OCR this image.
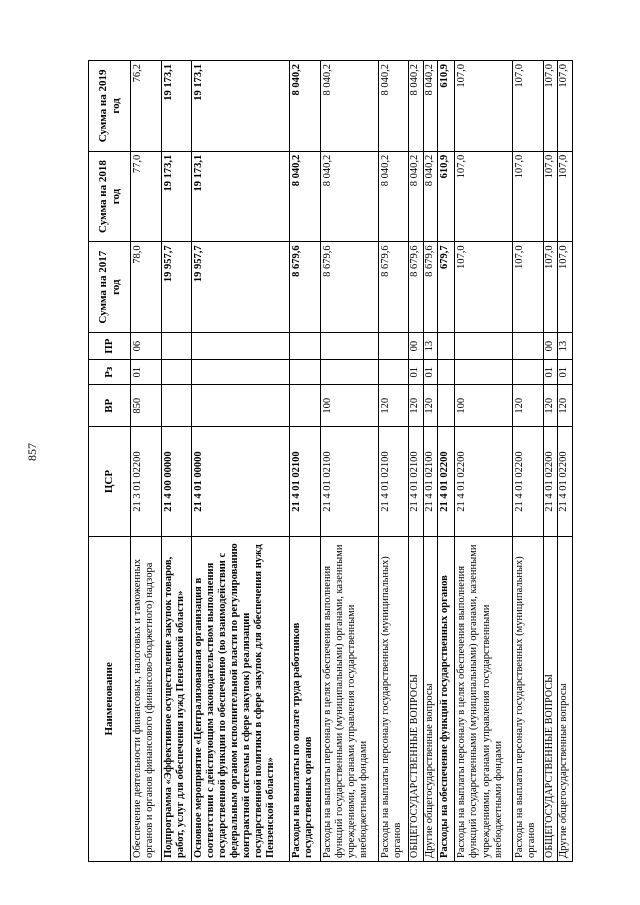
857
Наименование	ЦСР	ВР	Рз	ПР	Сумма на 2017 год	Сумма на 2018 год	Сумма на 2019 год
Обеспечение деятельности финансовых, налоговых и таможенных органов и органов финансового (финансово-бюджетного) надзора	21 3 01 02200	850	01	06	78,0	77,0	76,2
Подпрограмма «Эффективное осуществление закупок товаров, работ, услуг для обеспечения нужд Пензенской области»	21 4 00 00000				19 957,7	19 173,1	19 173,1
Основное мероприятие «Централизованная организация в соответствии с действующим законодательством выполнения государственной функции по обеспечению (во взаимодействии с федеральным органом исполнительной власти по регулированию контрактной системы в сфере закупок) реализации государственной политики в сфере закупок для обеспечения нужд Пензенской области»	21 4 01 00000				19 957,7	19 173,1	19 173,1
Расходы на выплаты по оплате труда работников государственных органов	21 4 01 02100				8 679,6	8 040,2	8 040,2
Расходы на выплаты персоналу в целях обеспечения выполнения функций государственными (муниципальными) органами, казенными учреждениями, органами управления государственными внебюджетными фондами	21 4 01 02100	100			8 679,6	8 040,2	8 040,2
Расходы на выплаты персоналу государственных (муниципальных) органов	21 4 01 02100	120			8 679,6	8 040,2	8 040,2
ОБЩЕГОСУДАРСТВЕННЫЕ ВОПРОСЫ	21 4 01 02100	120	01	00	8 679,6	8 040,2	8 040,2
Другие общегосударственные вопросы	21 4 01 02100	120	01	13	8 679,6	8 040,2	8 040,2
Расходы на обеспечение функций государственных органов	21 4 01 02200				679,7	610,9	610,9
Расходы на выплаты персоналу в целях обеспечения выполнения функций государственными (муниципальными) органами, казенными учреждениями, органами управления государственными внебюджетными фондами	21 4 01 02200	100			107,0	107,0	107,0
Расходы на выплаты персоналу государственных (муниципальных) органов	21 4 01 02200	120			107,0	107,0	107,0
ОБЩЕГОСУДАРСТВЕННЫЕ ВОПРОСЫ	21 4 01 02200	120	01	00	107,0	107,0	107,0
Другие общегосударственные вопросы	21 4 01 02200	120	01	13	107,0	107,0	107,0
